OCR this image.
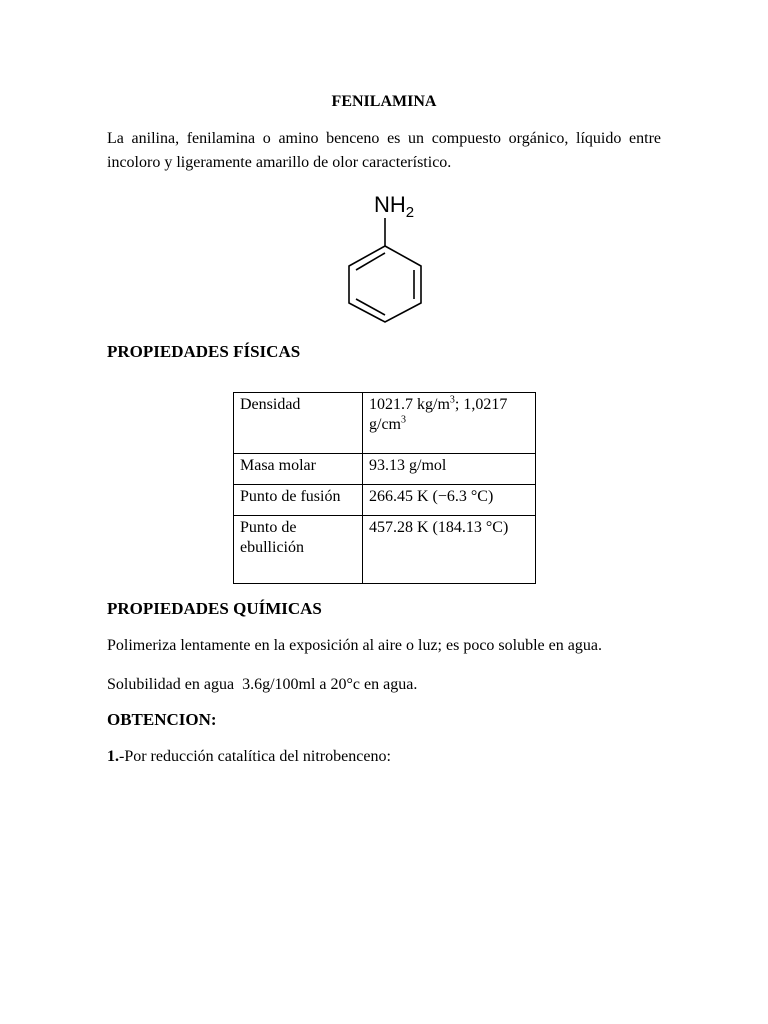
FENILAMINA
La anilina, fenilamina o amino benceno es un compuesto orgánico, líquido entre incoloro y ligeramente amarillo de olor característico.
$NH_2$
PROPIEDADES FÍSICAS
Densidad	1021.7 $kg/m^3$; 1,0217 $g/cm^3$
Masa molar	93.13 g/mol
Punto de fusión	266.45 K (−6.3 °C)
Punto de ebullición	457.28 K (184.13 °C)
PROPIEDADES QUÍMICAS
Polimeriza lentamente en la exposición al aire o luz; es poco soluble en agua.
Solubilidad en agua  3.6g/100ml a 20°c en agua.
OBTENCION:
1.-Por reducción catalítica del nitrobenceno:
